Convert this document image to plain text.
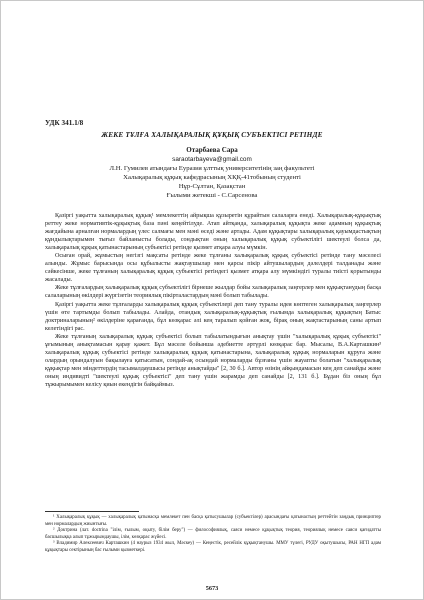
УДК 341.1/8
ЖЕКЕ ТҰЛҒА ХАЛЫҚАРАЛЫҚ ҚҰҚЫҚ СУБЪЕКТІСІ РЕТІНДЕ
Отарбаева Сара
saraotarbayeva@gmail.com
Л.Н. Гумилев атындағы Еуразия ұлттық университетінің заң факультеті
Халықаралық құқық кафедрасының ХҚҚ-41тобының студенті
Нұр-Сұлтан, Қазақстан
Ғылыми жетекші - С.Сарсенова

Қазіргі уақытта халықаралық құқық¹ мемлекеттің айрықша құзыретін құрайтын салаларға енеді. Халықаралық-құқықтық реттеу жеке нормативтік-құқықтық база пәні кеңейтілуде. Атап айтқанда, халықаралық құқықта жеке адамның құқықтық жағдайына арналған нормалардың үлес салмағы мен мәні өседі және артады. Адам құқықтары халықаралық қауымдастықтың құндылықтарымен тығыз байланысты болады, сондықтан оның халықаралық құқық субъектілігі шектеулі болса да, халықаралық құқық қатынастарының субъектісі ретінде қызмет атқара алуы мүмкін.

Осыған орай, жұмыстың негізгі мақсаты ретінде жеке тұлғаны халықаралық құқық субъектісі ретінде тану мәселесі алынды. Жұмыс барысында осы құбылысты жақтаушылар мен қарсы пікір айтушылардың дәлелдері талданады және сәйкесінше, жеке тұлғаның халықаралық құқық субъектісі ретіндегі қызмет атқара алу мүмкіндігі туралы тиісті қорытынды жасалады.

Жеке тұлғалардың халықаралық құқық субъектілігі бірнеше жылдар бойы халықаралық заңгерлер мен құқықтанудың басқа салаларының өкілдері жүргізетін теориялық пікірталастардың мәні болып табылады.

Қазіргі уақытта жеке тұлғаларды халықаралық құқық субъектілері деп тану туралы идея көптеген халықаралық заңгерлер үшін өте тартымды болып табылады. Алайда, отандық халықаралық-құқықтық ғылымда халықаралық құқықтың Батыс доктриналарының² өкілдеріне қарағанда, бұл көзқарас әлі кең таралып қойған жоқ, бірақ оның жақтастарының саны артып келетіндігі рас.

Жеке тұлғаның халықаралық құқық субъектісі болып табылатындығын анықтау үшін "халықаралық құқық субъектісі" ұғымының анықтамасын қарау қажет. Бұл мәселе бойынша әдебиетте әртүрлі көзқарас бар. Мысалы, В.А.Карташкин³ халықаралық құқық субъектісі ретінде халықаралық құқық қатынастарына, халықаралық құқық нормаларын құруға және олардың орындалуын бақылауға қатысатын, сондай-ақ осындай нормаларды бұзғаны үшін жауапты болатын "халықаралық құқықтар мен міндеттердің тасымалдаушысы ретінде анықтайды" [2, 30 б.]. Автор өзінің айқындамасын кең деп санайды және оның индивидті "шектеулі құқық субъектісі" деп тану үшін жарамды деп санайды [2, 131 б.]. Бұдан біз оның бұл тұжырымымен келісу қиын екендігін байқаймыз.

¹ Халықаралық құқық — халықаралық қатынасқа мемлекет пен басқа қатысушылар (субъектілер) арасындағы қатынастың реттейтін заңдық принциптер мен нормалардың жиынтығы.

² Доктрина (лат. doctrina "ілім, ғылым, оқыту, білім беру") — философиялық, саяси немесе құқықтық теория, теориялық немесе саяси қағидатты басшылыққа алып тұжырымдаушы, ілім, көзқарас жүйесі.

³ Владимир Алексеевич Карташкин (4 наурыз 1934 жыл, Мәскеу) — Кеңестік, ресейлік құқықтанушы. ММУ түлегі, РУДУ оқытушысы, РАН НГП адам құқықтары сектірының бас ғылыми қызметкері.

5673
